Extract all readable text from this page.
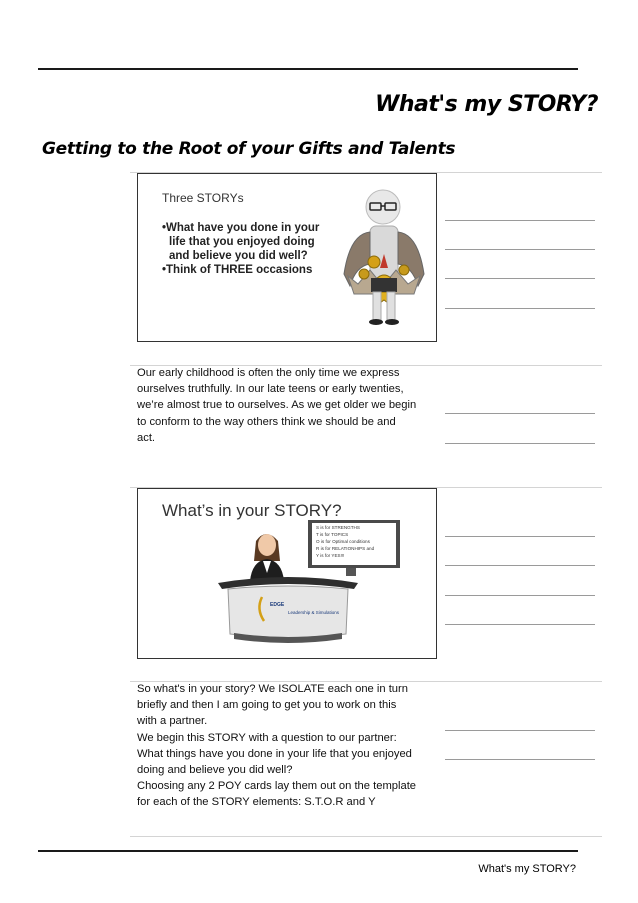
What's my STORY?
Getting to the Root of your Gifts and Talents
Three STORYs
•What have you done in your
life that you enjoyed doing
and believe you did well?
•Think of THREE occasions

Our early childhood is often the only time we express

ourselves truthfully. In our late teens or early twenties,

we’re almost true to ourselves. As we get older we begin

to conform to the way others think we should be and

act.

What’s in your STORY?
S is for STRENGTHS
T is for TOPICS
O is for Optimal conditions
R is for RELATIONHIPS and
Y is for YES!!!
EDGE
Leadership & Simulations

So what's in your story? We ISOLATE each one in turn

briefly and then I am going to get you to work on this

with a partner.

We begin this STORY with a question to our partner:

What things have you done in your life that you enjoyed

doing and believe you did well?

Choosing any 2 POY cards lay them out on the template

for each of the STORY elements: S.T.O.R and Y

What's my STORY?
